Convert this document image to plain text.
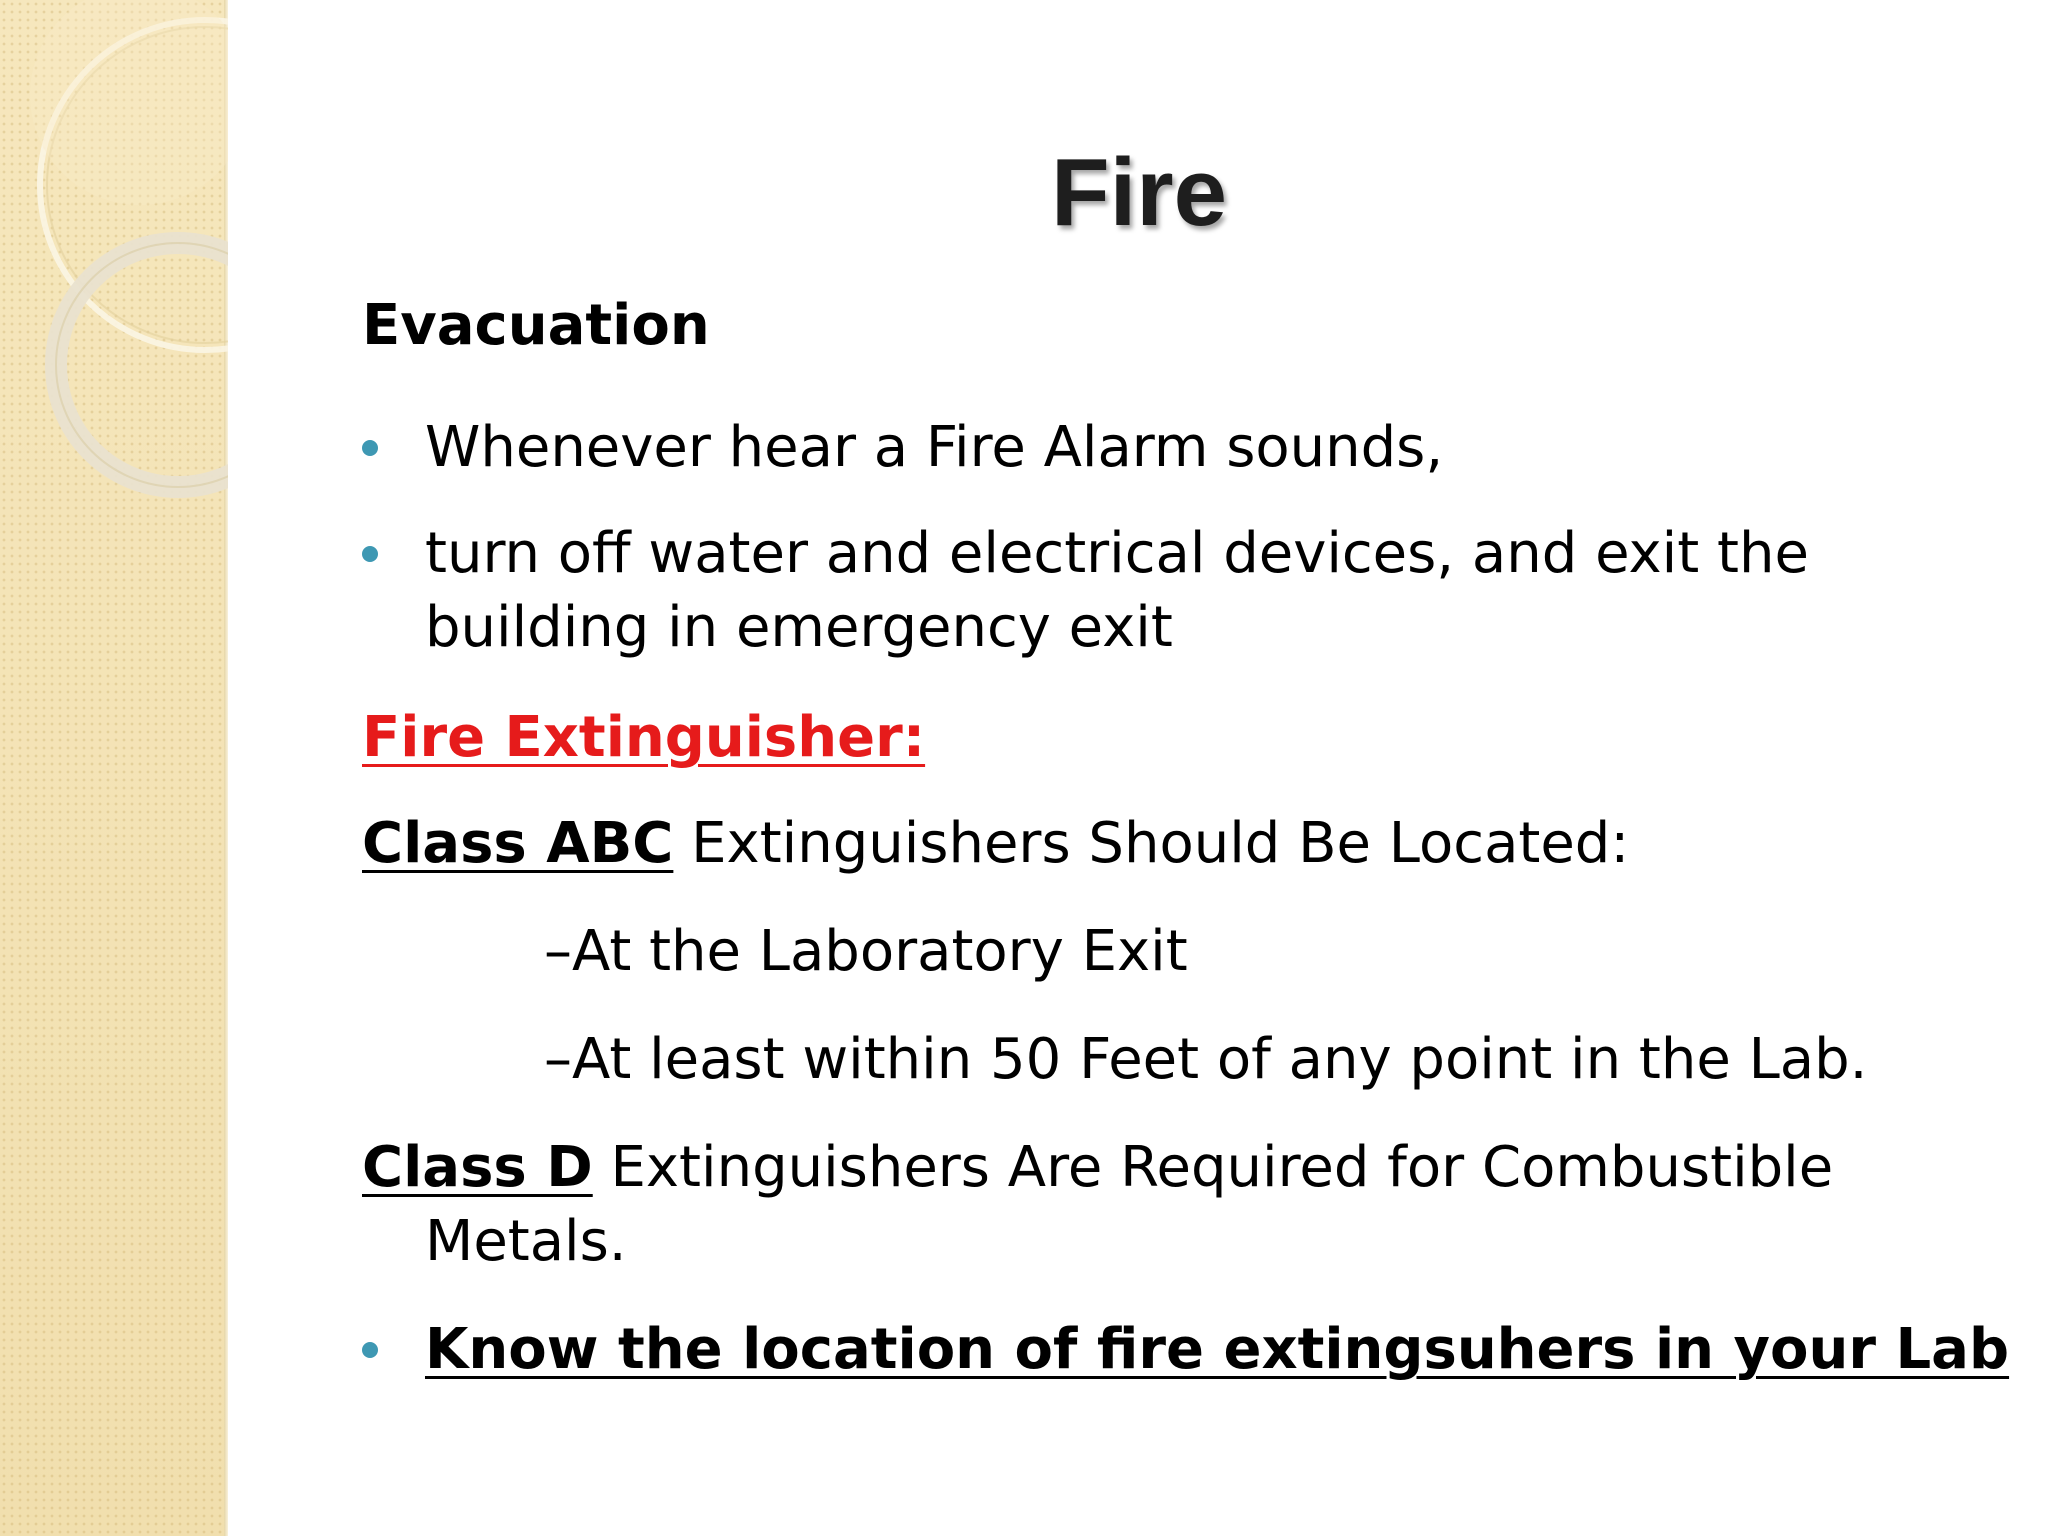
Fire
Evacuation
Whenever hear a Fire Alarm sounds,
turn off water and electrical devices, and exit the
building in emergency exit
Fire Extinguisher:
Class ABC Extinguishers Should Be Located:
–At the Laboratory Exit
–At least within 50 Feet of any point in the Lab.
Class D Extinguishers Are Required for Combustible
Metals.
Know the location of fire extingsuhers in your Lab
